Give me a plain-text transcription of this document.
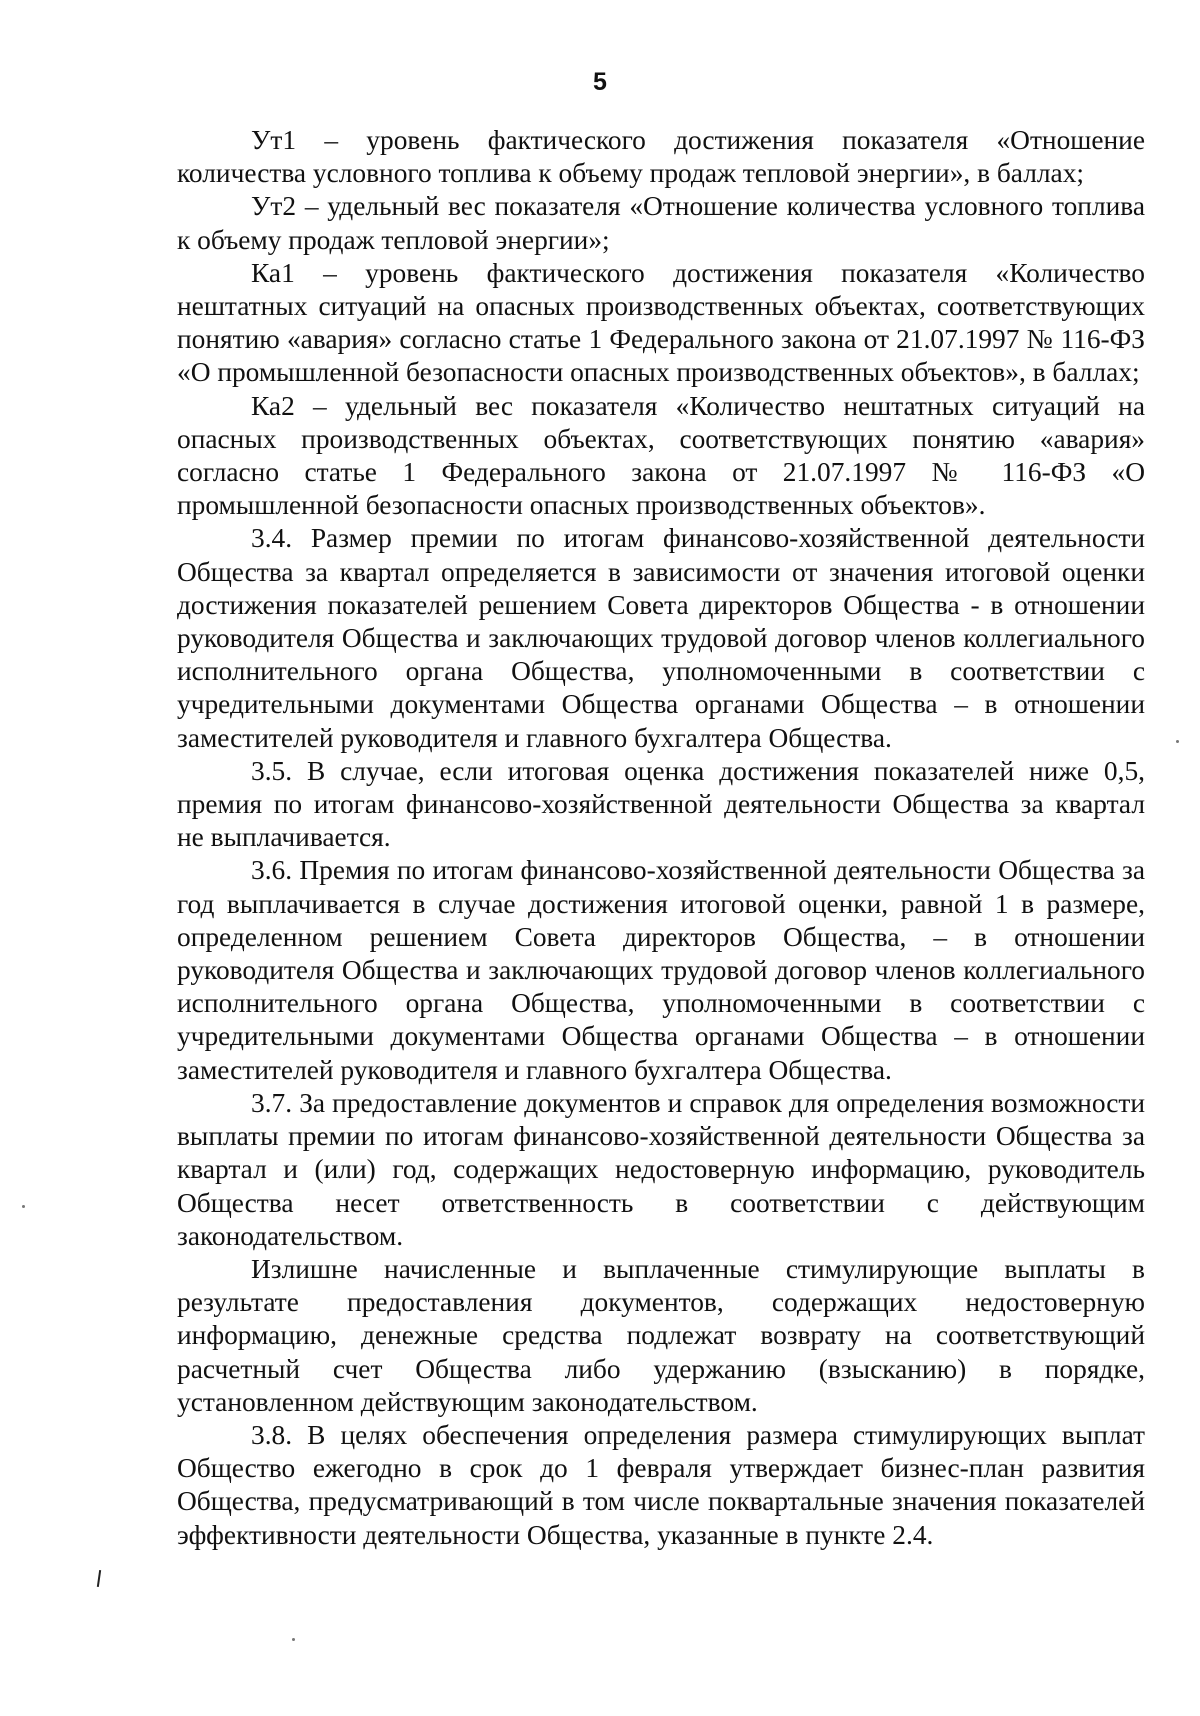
5

Ут1 – уровень фактического достижения показателя «Отношение количества условного топлива к объему продаж тепловой энергии», в баллах;

Ут2 – удельный вес показателя «Отношение количества условного топлива к объему продаж тепловой энергии»;

Ка1 – уровень фактического достижения показателя «Количество нештатных ситуаций на опасных производственных объектах, соответствующих понятию «авария» согласно статье 1 Федерального закона от 21.07.1997 № 116-ФЗ «О промышленной безопасности опасных производственных объектов», в баллах;

Ка2 – удельный вес показателя «Количество нештатных ситуаций на опасных производственных объектах, соответствующих понятию «авария» согласно статье 1 Федерального закона от 21.07.1997 № 116-ФЗ «О промышленной безопасности опасных производственных объектов».

3.4. Размер премии по итогам финансово-хозяйственной деятельности Общества за квартал определяется в зависимости от значения итоговой оценки достижения показателей решением Совета директоров Общества - в отношении руководителя Общества и заключающих трудовой договор членов коллегиального исполнительного органа Общества, уполномоченными в соответствии с учредительными документами Общества органами Общества – в отношении заместителей руководителя и главного бухгалтера Общества.

3.5. В случае, если итоговая оценка достижения показателей ниже 0,5, премия по итогам финансово-хозяйственной деятельности Общества за квартал не выплачивается.

3.6. Премия по итогам финансово-хозяйственной деятельности Общества за год выплачивается в случае достижения итоговой оценки, равной 1 в размере, определенном решением Совета директоров Общества, – в отношении руководителя Общества и заключающих трудовой договор членов коллегиального исполнительного органа Общества, уполномоченными в соответствии с учредительными документами Общества органами Общества – в отношении заместителей руководителя и главного бухгалтера Общества.

3.7. За предоставление документов и справок для определения возможности выплаты премии по итогам финансово-хозяйственной деятельности Общества за квартал и (или) год, содержащих недостоверную информацию, руководитель Общества несет ответственность в соответствии с действующим законодательством.

Излишне начисленные и выплаченные стимулирующие выплаты в результате предоставления документов, содержащих недостоверную информацию, денежные средства подлежат возврату на соответствующий расчетный счет Общества либо удержанию (взысканию) в порядке, установленном действующим законодательством.

3.8. В целях обеспечения определения размера стимулирующих выплат Общество ежегодно в срок до 1 февраля утверждает бизнес-план развития Общества, предусматривающий в том числе поквартальные значения показателей эффективности деятельности Общества, указанные в пункте 2.4.
